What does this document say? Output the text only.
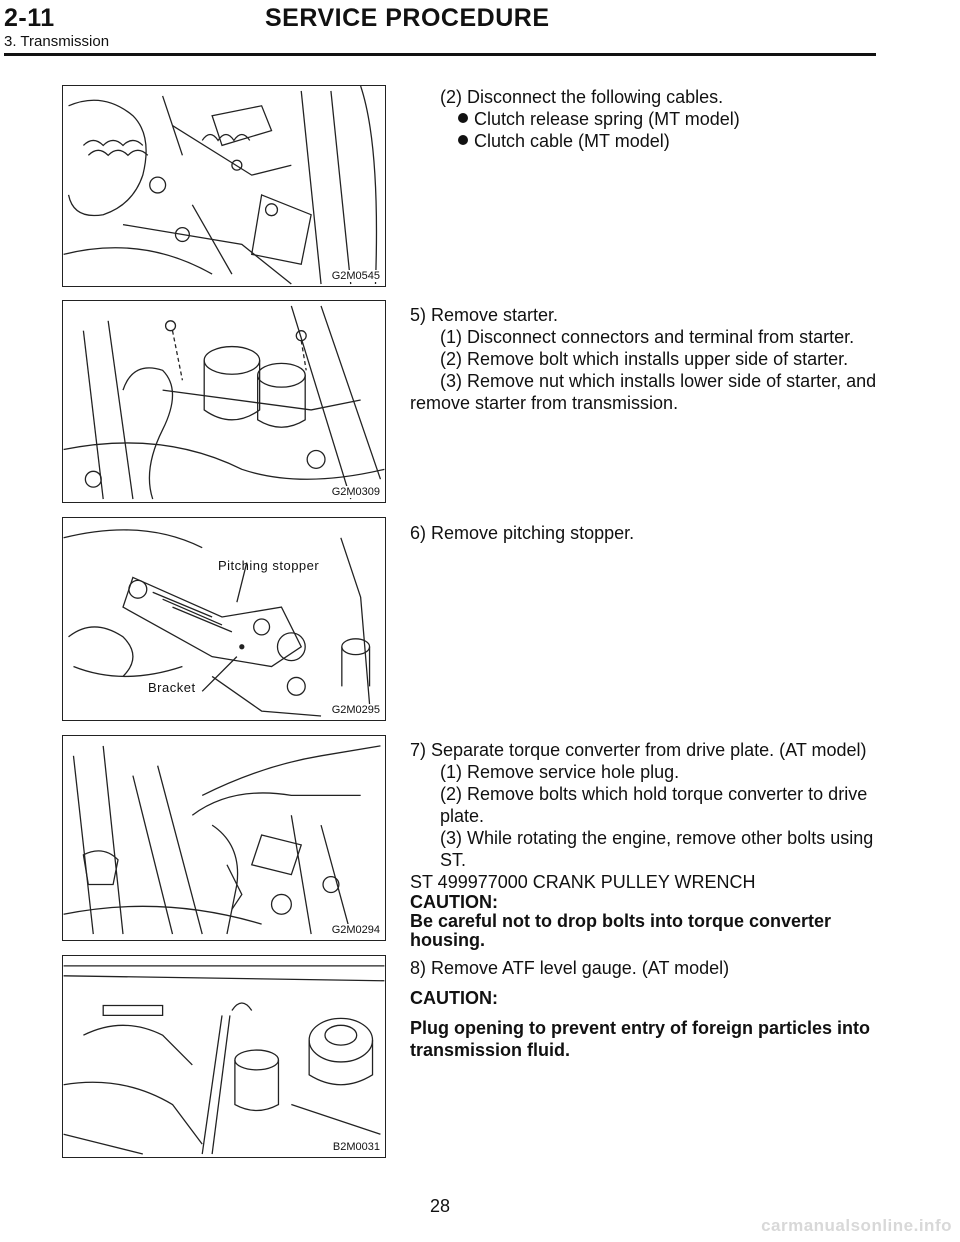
2-11	SERVICE PROCEDURE
3. Transmission
G2M0545
G2M0309
Pitching stopper
Bracket
G2M0295
G2M0294
B2M0031

(2) Disconnect the following cables.

Clutch release spring (MT model)

Clutch cable (MT model)

5) Remove starter.

(1) Disconnect connectors and terminal from starter.

(2) Remove bolt which installs upper side of starter.

(3) Remove nut which installs lower side of starter, and

remove starter from transmission.

6) Remove pitching stopper.

7) Separate torque converter from drive plate. (AT model)

(1) Remove service hole plug.

(2) Remove bolts which hold torque converter to drive

plate.

(3) While rotating the engine, remove other bolts using

ST.

ST 499977000 CRANK PULLEY WRENCH

CAUTION:

Be careful not to drop bolts into torque converter

housing.

8) Remove ATF level gauge. (AT model)

CAUTION:

Plug opening to prevent entry of foreign particles into

transmission fluid.

28
carmanualsonline.info
